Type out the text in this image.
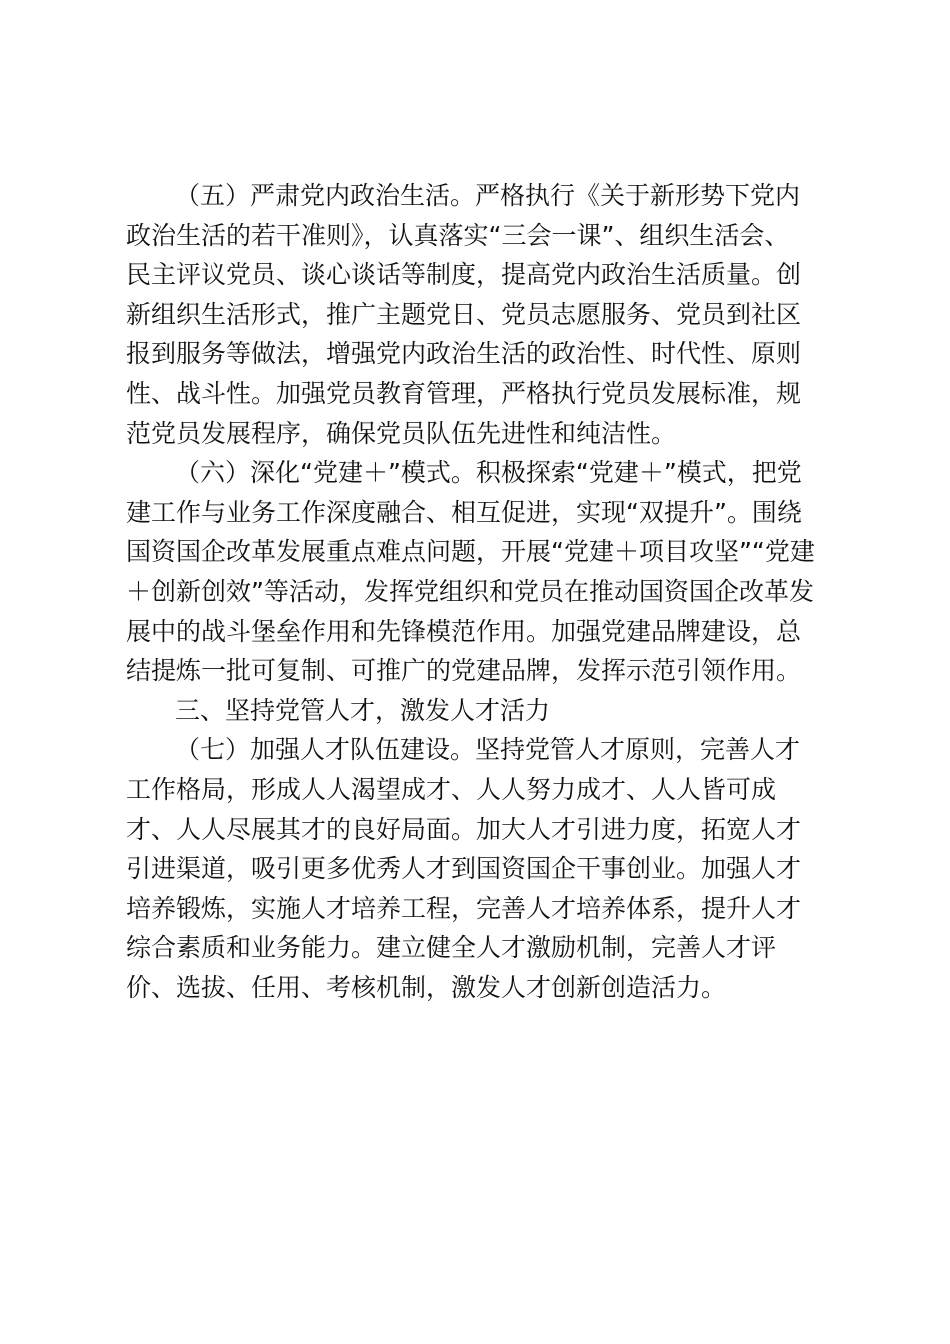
（五）严肃党内政治生活。严格执行《关于新形势下党内
政治生活的若干准则》，认真落实“三会一课”、组织生活会、
民主评议党员、谈心谈话等制度，提高党内政治生活质量。创
新组织生活形式，推广主题党日、党员志愿服务、党员到社区
报到服务等做法，增强党内政治生活的政治性、时代性、原则
性、战斗性。加强党员教育管理，严格执行党员发展标准，规
范党员发展程序，确保党员队伍先进性和纯洁性。
（六）深化“党建＋”模式。积极探索“党建＋”模式，把党
建工作与业务工作深度融合、相互促进，实现“双提升”。围绕
国资国企改革发展重点难点问题，开展“党建＋项目攻坚”“党建
＋创新创效”等活动，发挥党组织和党员在推动国资国企改革发
展中的战斗堡垒作用和先锋模范作用。加强党建品牌建设，总
结提炼一批可复制、可推广的党建品牌，发挥示范引领作用。
三、坚持党管人才，激发人才活力
（七）加强人才队伍建设。坚持党管人才原则，完善人才
工作格局，形成人人渴望成才、人人努力成才、人人皆可成
才、人人尽展其才的良好局面。加大人才引进力度，拓宽人才
引进渠道，吸引更多优秀人才到国资国企干事创业。加强人才
培养锻炼，实施人才培养工程，完善人才培养体系，提升人才
综合素质和业务能力。建立健全人才激励机制，完善人才评
价、选拔、任用、考核机制，激发人才创新创造活力。
